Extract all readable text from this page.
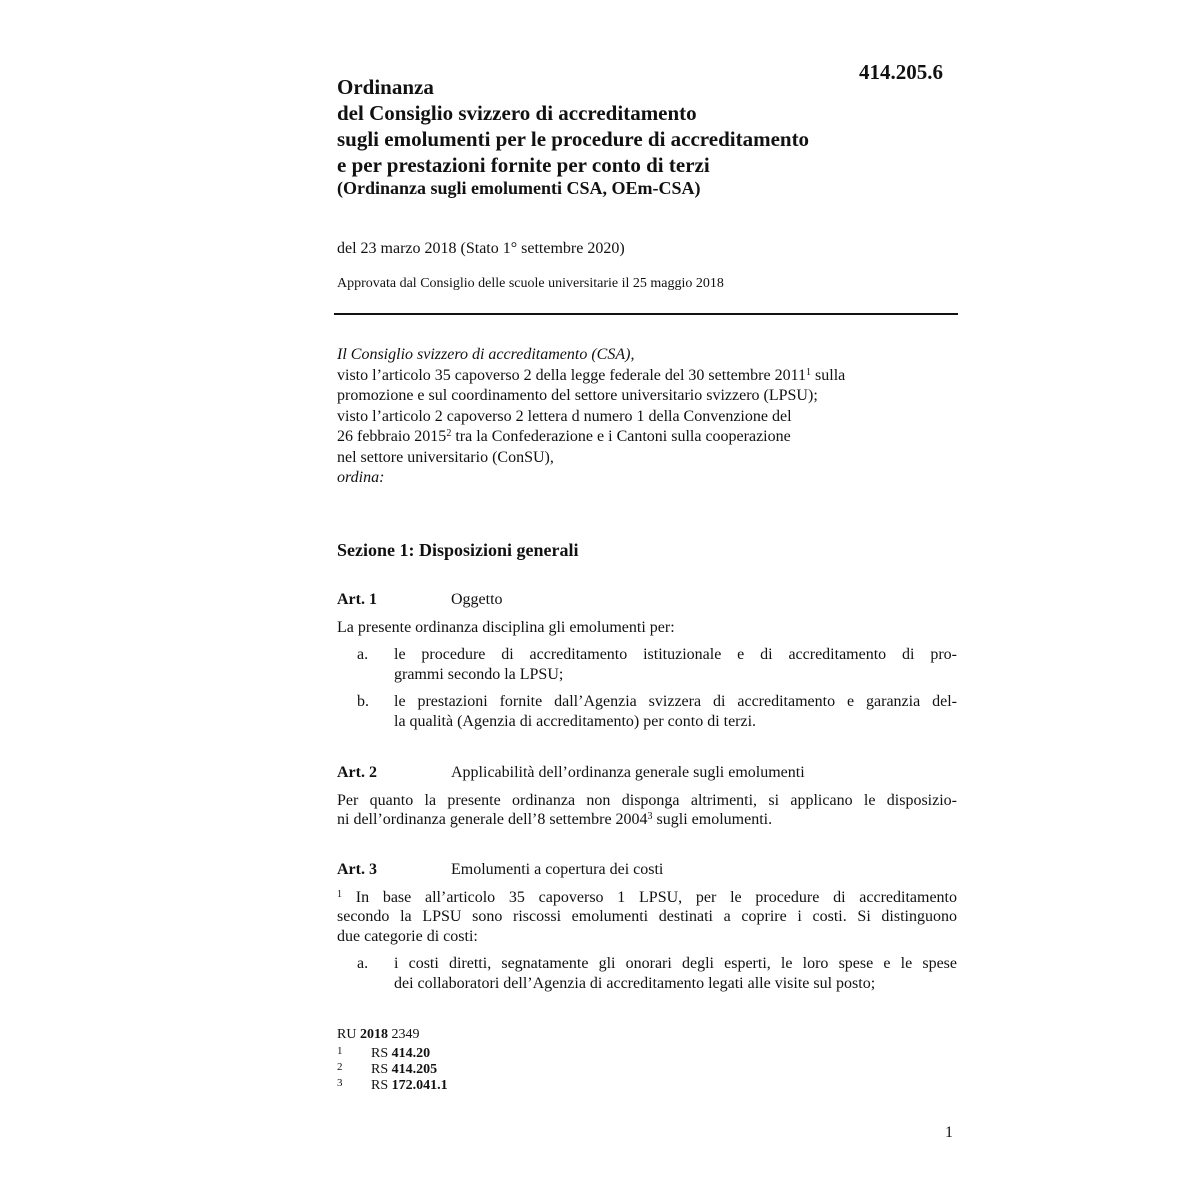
414.205.6
Ordinanza
del Consiglio svizzero di accreditamento
sugli emolumenti per le procedure di accreditamento
e per prestazioni fornite per conto di terzi
(Ordinanza sugli emolumenti CSA, OEm-CSA)
del 23 marzo 2018 (Stato 1° settembre 2020)
Approvata dal Consiglio delle scuole universitarie il 25 maggio 2018
Il Consiglio svizzero di accreditamento (CSA),
visto l’articolo 35 capoverso 2 della legge federale del 30 settembre 2011$^1$ sulla
promozione e sul coordinamento del settore universitario svizzero (LPSU);
visto l’articolo 2 capoverso 2 lettera d numero 1 della Convenzione del
26 febbraio 2015$^2$ tra la Confederazione e i Cantoni sulla cooperazione
nel settore universitario (ConSU),
ordina:
Sezione 1: Disposizioni generali
Art. 1	Oggetto
La presente ordinanza disciplina gli emolumenti per:
a. le procedure di accreditamento istituzionale e di accreditamento di pro-
grammi secondo la LPSU;
b. le prestazioni fornite dall’Agenzia svizzera di accreditamento e garanzia del-
la qualità (Agenzia di accreditamento) per conto di terzi.
Art. 2	Applicabilità dell’ordinanza generale sugli emolumenti
Per quanto la presente ordinanza non disponga altrimenti, si applicano le disposizio-
ni dell’ordinanza generale dell’8 settembre 2004$^3$ sugli emolumenti.
Art. 3	Emolumenti a copertura dei costi
$^1$ In base all’articolo 35 capoverso 1 LPSU, per le procedure di accreditamento
secondo la LPSU sono riscossi emolumenti destinati a coprire i costi. Si distinguono
due categorie di costi:
a. i costi diretti, segnatamente gli onorari degli esperti, le loro spese e le spese
dei collaboratori dell’Agenzia di accreditamento legati alle visite sul posto;
RU 2018 2349
1 RS 414.20
2 RS 414.205
3 RS 172.041.1
1
